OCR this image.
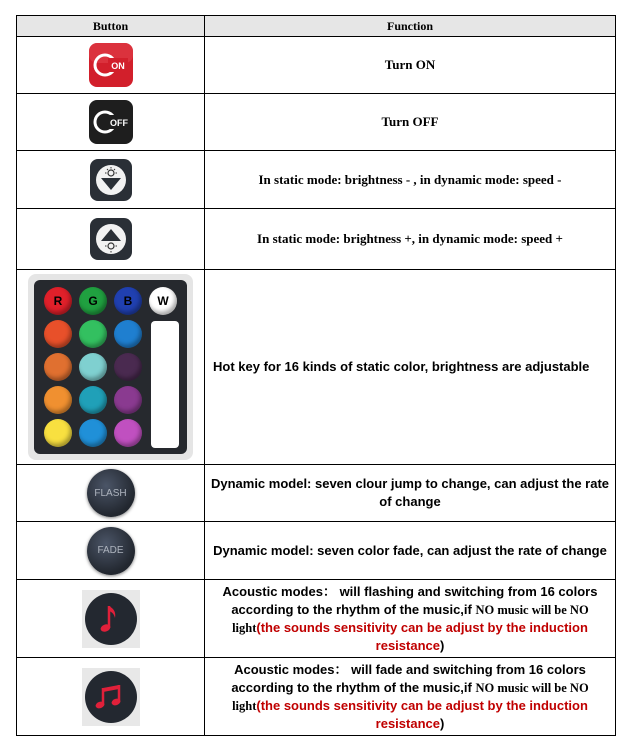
Button	Function

ON	Turn ON

OFF	Turn OFF
	In static mode: brightness - , in dynamic mode: speed -
	In static mode: brightness +, in dynamic mode: speed +

R G B W	Hot key for 16 kinds of static color, brightness are adjustable
FLASH	Dynamic model: seven clour jump to change, can adjust the rate of change
FADE	Dynamic model: seven color fade, can adjust the rate of change
	Acoustic modes： will flashing and switching from 16 colors according to the rhythm of the music,if NO music will be NO light(the sounds sensitivity can be adjust by the induction resistance)
	Acoustic modes： will fade and switching from 16 colors according to the rhythm of the music,if NO music will be NO light(the sounds sensitivity can be adjust by the induction resistance)
